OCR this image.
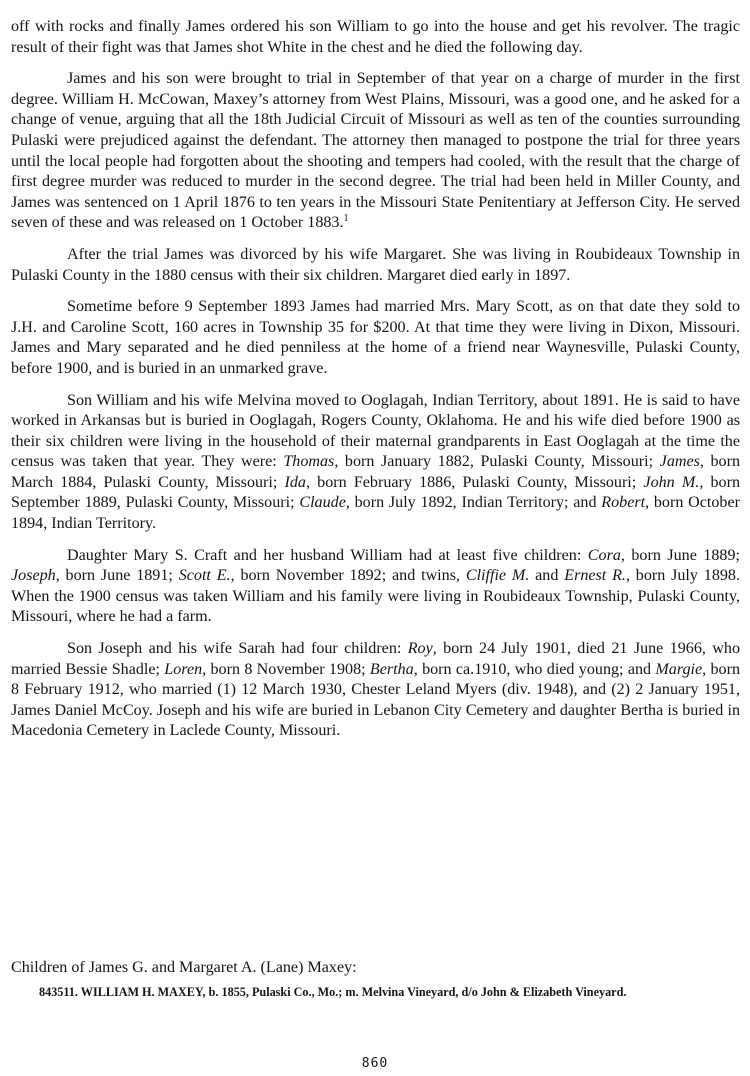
off with rocks and finally James ordered his son William to go into the house and get his revolver. The tragic result of their fight was that James shot White in the chest and he died the following day.

James and his son were brought to trial in September of that year on a charge of murder in the first degree. William H. McCowan, Maxey’s attorney from West Plains, Missouri, was a good one, and he asked for a change of venue, arguing that all the 18th Judicial Circuit of Missouri as well as ten of the counties surrounding Pulaski were prejudiced against the defendant. The attorney then managed to postpone the trial for three years until the local people had forgotten about the shooting and tempers had cooled, with the result that the charge of first degree murder was reduced to murder in the second degree. The trial had been held in Miller County, and James was sentenced on 1 April 1876 to ten years in the Missouri State Penitentiary at Jefferson City. He served seven of these and was released on 1 October 1883.$^1$

After the trial James was divorced by his wife Margaret. She was living in Roubideaux Township in Pulaski County in the 1880 census with their six children. Margaret died early in 1897.

Sometime before 9 September 1893 James had married Mrs. Mary Scott, as on that date they sold to J.H. and Caroline Scott, 160 acres in Township 35 for $200. At that time they were living in Dixon, Missouri. James and Mary separated and he died penniless at the home of a friend near Waynesville, Pulaski County, before 1900, and is buried in an unmarked grave.

Son William and his wife Melvina moved to Ooglagah, Indian Territory, about 1891. He is said to have worked in Arkansas but is buried in Ooglagah, Rogers County, Oklahoma. He and his wife died before 1900 as their six children were living in the household of their maternal grandparents in East Ooglagah at the time the census was taken that year. They were: Thomas, born January 1882, Pulaski County, Missouri; James, born March 1884, Pulaski County, Missouri; Ida, born February 1886, Pulaski County, Missouri; John M., born September 1889, Pulaski County, Missouri; Claude, born July 1892, Indian Territory; and Robert, born October 1894, Indian Territory.

Daughter Mary S. Craft and her husband William had at least five children: Cora, born June 1889; Joseph, born June 1891; Scott E., born November 1892; and twins, Cliffie M. and Ernest R., born July 1898. When the 1900 census was taken William and his family were living in Roubideaux Township, Pulaski County, Missouri, where he had a farm.

Son Joseph and his wife Sarah had four children: Roy, born 24 July 1901, died 21 June 1966, who married Bessie Shadle; Loren, born 8 November 1908; Bertha, born ca.1910, who died young; and Margie, born 8 February 1912, who married (1) 12 March 1930, Chester Leland Myers (div. 1948), and (2) 2 January 1951, James Daniel McCoy. Joseph and his wife are buried in Lebanon City Cemetery and daughter Bertha is buried in Macedonia Cemetery in Laclede County, Missouri.

Children of James G. and Margaret A. (Lane) Maxey:

843511. WILLIAM H. MAXEY, b. 1855, Pulaski Co., Mo.; m. Melvina Vineyard, d/o John & Elizabeth Vineyard.

860
